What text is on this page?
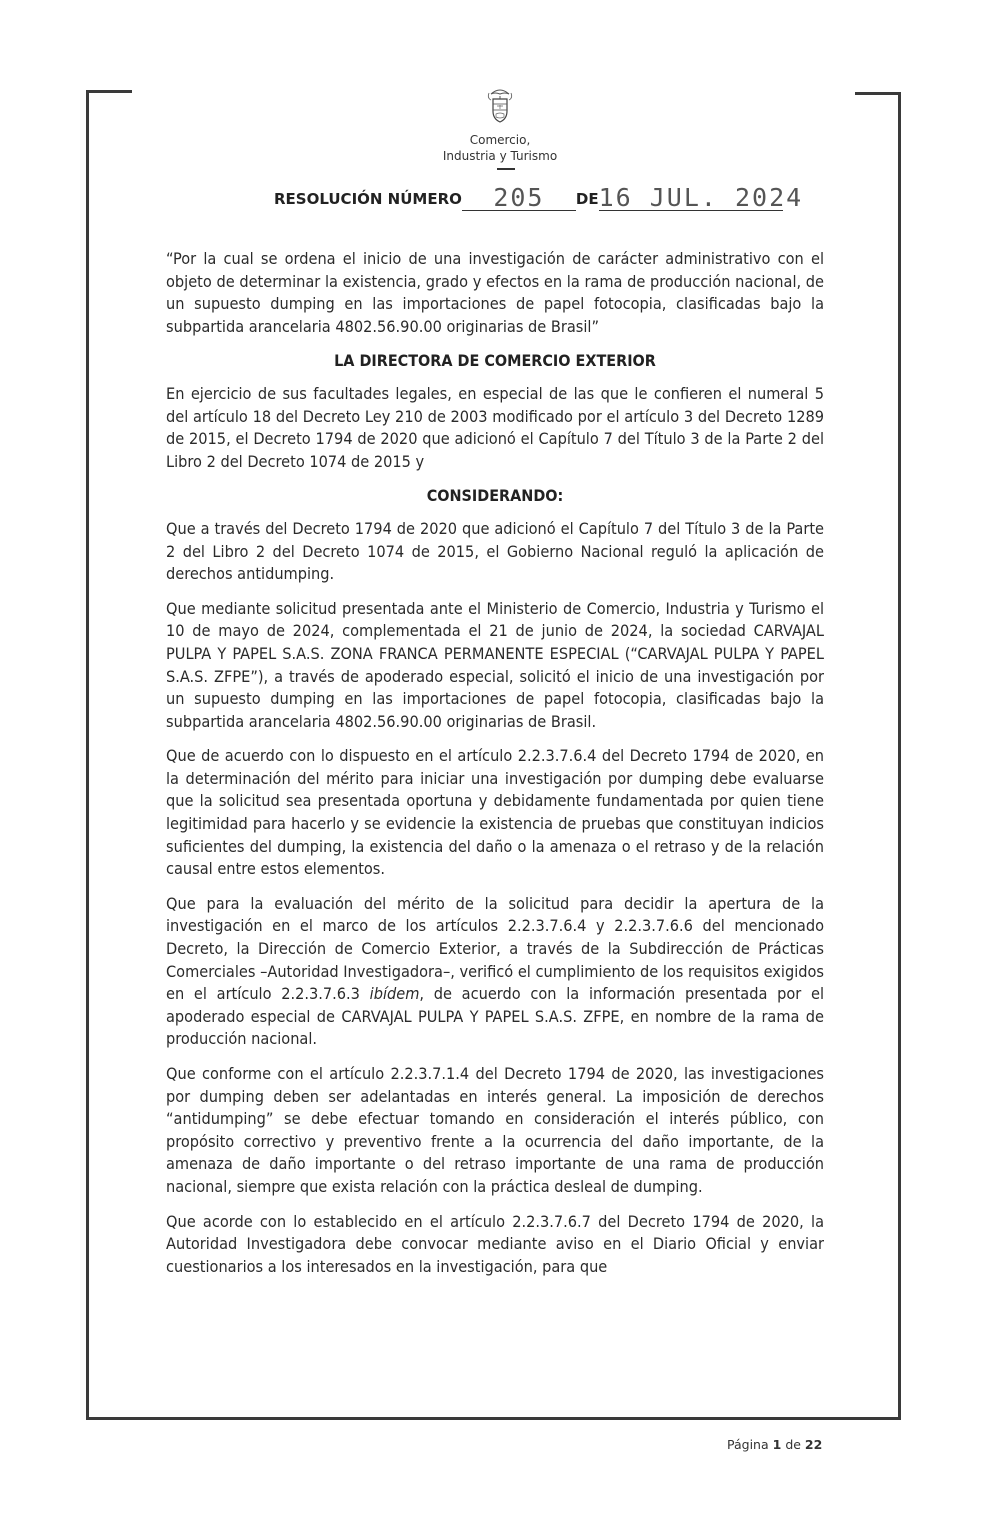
Comercio,
Industria y Turismo
RESOLUCIÓN NÚMERO 205 DE16 JUL. 2024

“Por la cual se ordena el inicio de una investigación de carácter administrativo con el objeto de determinar la existencia, grado y efectos en la rama de producción nacional, de un supuesto dumping en las importaciones de papel fotocopia, clasificadas bajo la subpartida arancelaria 4802.56.90.00 originarias de Brasil”

LA DIRECTORA DE COMERCIO EXTERIOR

En ejercicio de sus facultades legales, en especial de las que le confieren el numeral 5 del artículo 18 del Decreto Ley 210 de 2003 modificado por el artículo 3 del Decreto 1289 de 2015, el Decreto 1794 de 2020 que adicionó el Capítulo 7 del Título 3 de la Parte 2 del Libro 2 del Decreto 1074 de 2015 y

CONSIDERANDO:

Que a través del Decreto 1794 de 2020 que adicionó el Capítulo 7 del Título 3 de la Parte 2 del Libro 2 del Decreto 1074 de 2015, el Gobierno Nacional reguló la aplicación de derechos antidumping.

Que mediante solicitud presentada ante el Ministerio de Comercio, Industria y Turismo el 10 de mayo de 2024, complementada el 21 de junio de 2024, la sociedad CARVAJAL PULPA Y PAPEL S.A.S. ZONA FRANCA PERMANENTE ESPECIAL (“CARVAJAL PULPA Y PAPEL S.A.S. ZFPE”), a través de apoderado especial, solicitó el inicio de una investigación por un supuesto dumping en las importaciones de papel fotocopia, clasificadas bajo la subpartida arancelaria 4802.56.90.00 originarias de Brasil.

Que de acuerdo con lo dispuesto en el artículo 2.2.3.7.6.4 del Decreto 1794 de 2020, en la determinación del mérito para iniciar una investigación por dumping debe evaluarse que la solicitud sea presentada oportuna y debidamente fundamentada por quien tiene legitimidad para hacerlo y se evidencie la existencia de pruebas que constituyan indicios suficientes del dumping, la existencia del daño o la amenaza o el retraso y de la relación causal entre estos elementos.

Que para la evaluación del mérito de la solicitud para decidir la apertura de la investigación en el marco de los artículos 2.2.3.7.6.4 y 2.2.3.7.6.6 del mencionado Decreto, la Dirección de Comercio Exterior, a través de la Subdirección de Prácticas Comerciales –Autoridad Investigadora–, verificó el cumplimiento de los requisitos exigidos en el artículo 2.2.3.7.6.3 ibídem, de acuerdo con la información presentada por el apoderado especial de CARVAJAL PULPA Y PAPEL S.A.S. ZFPE, en nombre de la rama de producción nacional.

Que conforme con el artículo 2.2.3.7.1.4 del Decreto 1794 de 2020, las investigaciones por dumping deben ser adelantadas en interés general. La imposición de derechos “antidumping” se debe efectuar tomando en consideración el interés público, con propósito correctivo y preventivo frente a la ocurrencia del daño importante, de la amenaza de daño importante o del retraso importante de una rama de producción nacional, siempre que exista relación con la práctica desleal de dumping.

Que acorde con lo establecido en el artículo 2.2.3.7.6.7 del Decreto 1794 de 2020, la Autoridad Investigadora debe convocar mediante aviso en el Diario Oficial y enviar cuestionarios a los interesados en la investigación, para que

Página 1 de 22
